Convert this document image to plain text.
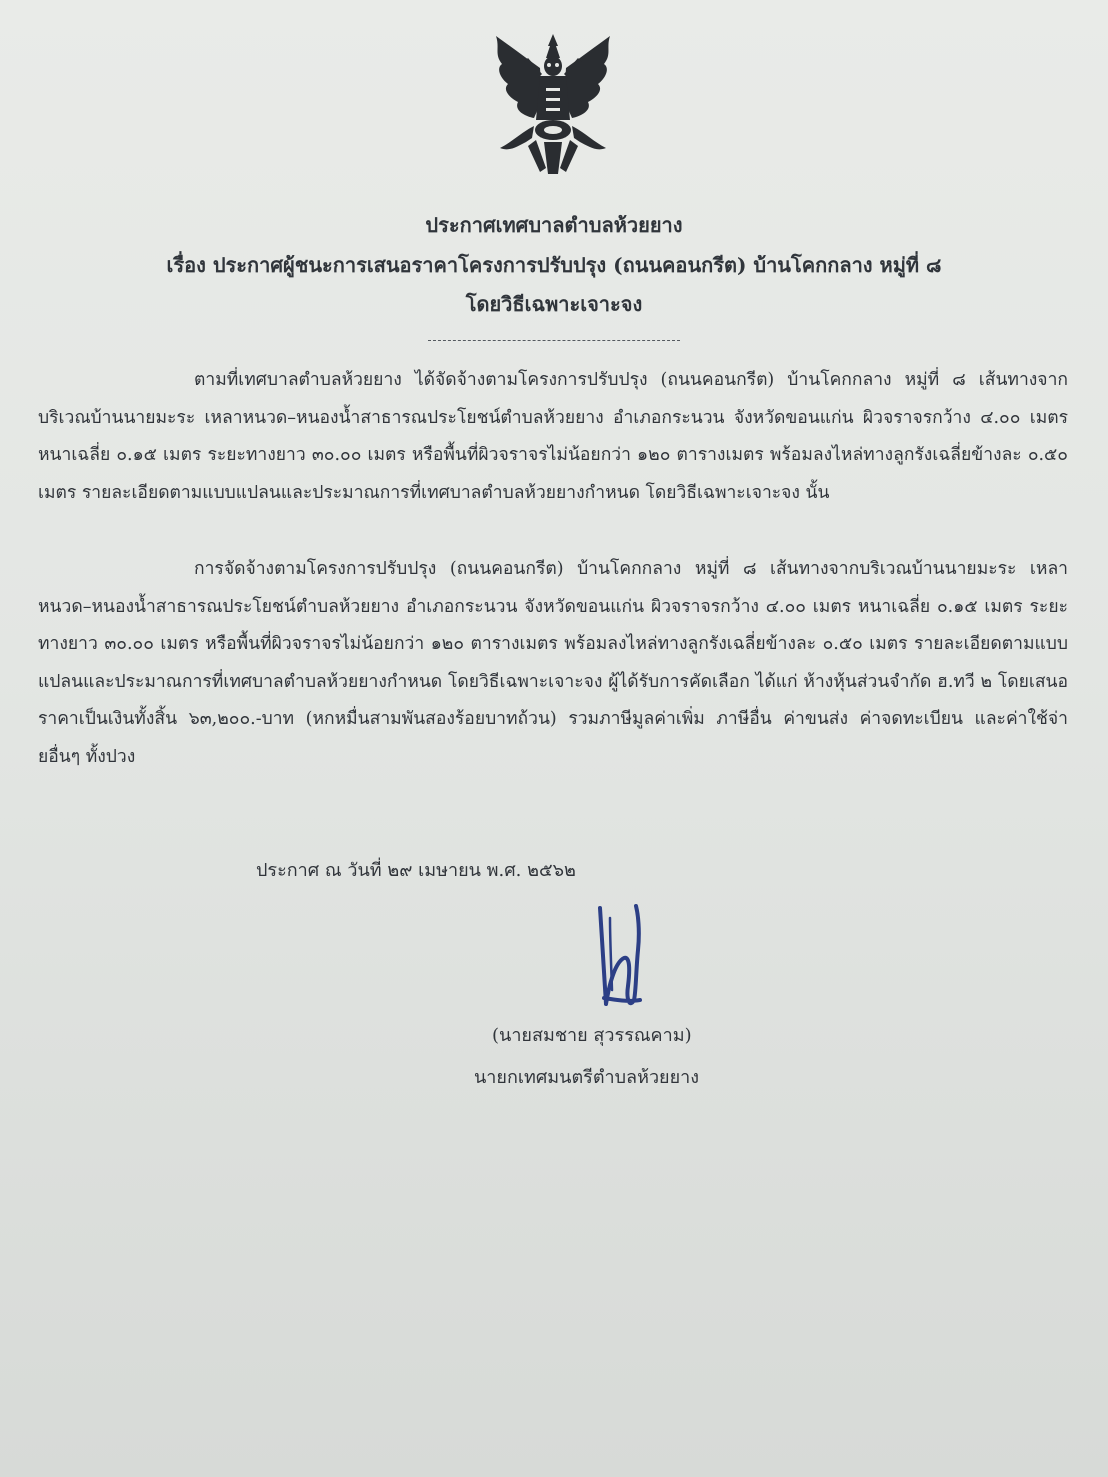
ประกาศเทศบาลตำบลห้วยยาง
เรื่อง ประกาศผู้ชนะการเสนอราคาโครงการปรับปรุง (ถนนคอนกรีต) บ้านโคกกลาง หมู่ที่ ๘
โดยวิธีเฉพาะเจาะจง
ตามที่เทศบาลตำบลห้วยยาง ได้จัดจ้างตามโครงการปรับปรุง (ถนนคอนกรีต) บ้านโคกกลาง หมู่ที่ ๘ เส้นทางจากบริเวณบ้านนายมะระ เหลาหนวด–หนองน้ำสาธารณประโยชน์ตำบลห้วยยาง อำเภอกระนวน จังหวัดขอนแก่น ผิวจราจรกว้าง ๔.๐๐ เมตร หนาเฉลี่ย ๐.๑๕ เมตร ระยะทางยาว ๓๐.๐๐ เมตร หรือพื้นที่ผิวจราจรไม่น้อยกว่า ๑๒๐ ตารางเมตร พร้อมลงไหล่ทางลูกรังเฉลี่ยข้างละ ๐.๕๐ เมตร รายละเอียดตามแบบแปลนและประมาณการที่เทศบาลตำบลห้วยยางกำหนด โดยวิธีเฉพาะเจาะจง นั้น
การจัดจ้างตามโครงการปรับปรุง (ถนนคอนกรีต) บ้านโคกกลาง หมู่ที่ ๘ เส้นทางจากบริเวณบ้านนายมะระ เหลาหนวด–หนองน้ำสาธารณประโยชน์ตำบลห้วยยาง อำเภอกระนวน จังหวัดขอนแก่น ผิวจราจรกว้าง ๔.๐๐ เมตร หนาเฉลี่ย ๐.๑๕ เมตร ระยะทางยาว ๓๐.๐๐ เมตร หรือพื้นที่ผิวจราจรไม่น้อยกว่า ๑๒๐ ตารางเมตร พร้อมลงไหล่ทางลูกรังเฉลี่ยข้างละ ๐.๕๐ เมตร รายละเอียดตามแบบแปลนและประมาณการที่เทศบาลตำบลห้วยยางกำหนด โดยวิธีเฉพาะเจาะจง ผู้ได้รับการคัดเลือก ได้แก่ ห้างหุ้นส่วนจำกัด ฮ.ทวี ๒ โดยเสนอราคาเป็นเงินทั้งสิ้น ๖๓,๒๐๐.-บาท (หกหมื่นสามพันสองร้อยบาทถ้วน) รวมภาษีมูลค่าเพิ่ม ภาษีอื่น ค่าขนส่ง ค่าจดทะเบียน และค่าใช้จ่ายอื่นๆ ทั้งปวง
ประกาศ ณ วันที่ ๒๙ เมษายน พ.ศ. ๒๕๖๒
(นายสมชาย สุวรรณคาม)
นายกเทศมนตรีตำบลห้วยยาง
